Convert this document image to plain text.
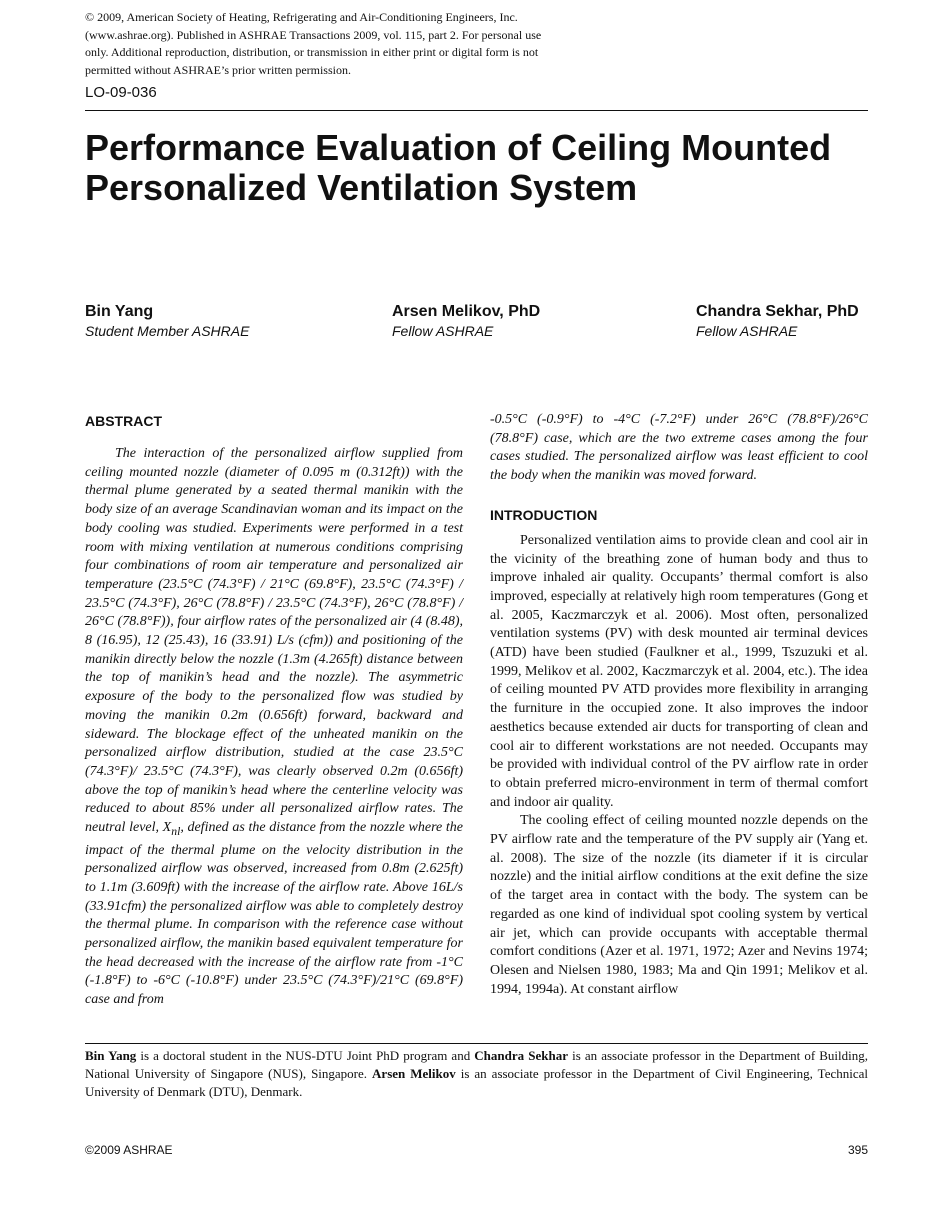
© 2009, American Society of Heating, Refrigerating and Air-Conditioning Engineers, Inc. (www.ashrae.org). Published in ASHRAE Transactions 2009, vol. 115, part 2. For personal use only. Additional reproduction, distribution, or transmission in either print or digital form is not permitted without ASHRAE’s prior written permission.
LO-09-036
Performance Evaluation of Ceiling Mounted Personalized Ventilation System
Bin Yang
Student Member ASHRAE
Arsen Melikov, PhD
Fellow ASHRAE
Chandra Sekhar, PhD
Fellow ASHRAE
ABSTRACT

The interaction of the personalized airflow supplied from ceiling mounted nozzle (diameter of 0.095 m (0.312ft)) with the thermal plume generated by a seated thermal manikin with the body size of an average Scandinavian woman and its impact on the body cooling was studied. Experiments were performed in a test room with mixing ventilation at numerous conditions comprising four combinations of room air temperature and personalized air temperature (23.5°C (74.3°F) / 21°C (69.8°F), 23.5°C (74.3°F) / 23.5°C (74.3°F), 26°C (78.8°F) / 23.5°C (74.3°F), 26°C (78.8°F) / 26°C (78.8°F)), four airflow rates of the personalized air (4 (8.48), 8 (16.95), 12 (25.43), 16 (33.91) L/s (cfm)) and positioning of the manikin directly below the nozzle (1.3m (4.265ft) distance between the top of manikin’s head and the nozzle). The asymmetric exposure of the body to the personalized flow was studied by moving the manikin 0.2m (0.656ft) forward, backward and sideward. The blockage effect of the unheated manikin on the personalized airflow distribution, studied at the case 23.5°C (74.3°F)/ 23.5°C (74.3°F), was clearly observed 0.2m (0.656ft) above the top of manikin’s head where the centerline velocity was reduced to about 85% under all personalized airflow rates. The neutral level, $X_{nl}$, defined as the distance from the nozzle where the impact of the thermal plume on the velocity distribution in the personalized airflow was observed, increased from 0.8m (2.625ft) to 1.1m (3.609ft) with the increase of the airflow rate. Above 16L/s (33.91cfm) the personalized airflow was able to completely destroy the thermal plume. In comparison with the reference case without personalized airflow, the manikin based equivalent temperature for the head decreased with the increase of the airflow rate from -1°C (-1.8°F) to -6°C (-10.8°F) under 23.5°C (74.3°F)/21°C (69.8°F) case and from

-0.5°C (-0.9°F) to -4°C (-7.2°F) under 26°C (78.8°F)/26°C (78.8°F) case, which are the two extreme cases among the four cases studied. The personalized airflow was least efficient to cool the body when the manikin was moved forward.

INTRODUCTION

Personalized ventilation aims to provide clean and cool air in the vicinity of the breathing zone of human body and thus to improve inhaled air quality. Occupants’ thermal comfort is also improved, especially at relatively high room temperatures (Gong et al. 2005, Kaczmarczyk et al. 2006). Most often, personalized ventilation systems (PV) with desk mounted air terminal devices (ATD) have been studied (Faulkner et al., 1999, Tszuzuki et al. 1999, Melikov et al. 2002, Kaczmarczyk et al. 2004, etc.). The idea of ceiling mounted PV ATD provides more flexibility in arranging the furniture in the occupied zone. It also improves the indoor aesthetics because extended air ducts for transporting of clean and cool air to different workstations are not needed. Occupants may be provided with individual control of the PV airflow rate in order to obtain preferred micro-environment in term of thermal comfort and indoor air quality.

The cooling effect of ceiling mounted nozzle depends on the PV airflow rate and the temperature of the PV supply air (Yang et. al. 2008). The size of the nozzle (its diameter if it is circular nozzle) and the initial airflow conditions at the exit define the size of the target area in contact with the body. The system can be regarded as one kind of individual spot cooling system by vertical air jet, which can provide occupants with acceptable thermal comfort conditions (Azer et al. 1971, 1972; Azer and Nevins 1974; Olesen and Nielsen 1980, 1983; Ma and Qin 1991; Melikov et al. 1994, 1994a). At constant airflow

Bin Yang is a doctoral student in the NUS-DTU Joint PhD program and Chandra Sekhar is an associate professor in the Department of Building, National University of Singapore (NUS), Singapore. Arsen Melikov is an associate professor in the Department of Civil Engineering, Technical University of Denmark (DTU), Denmark.
©2009 ASHRAE	395
